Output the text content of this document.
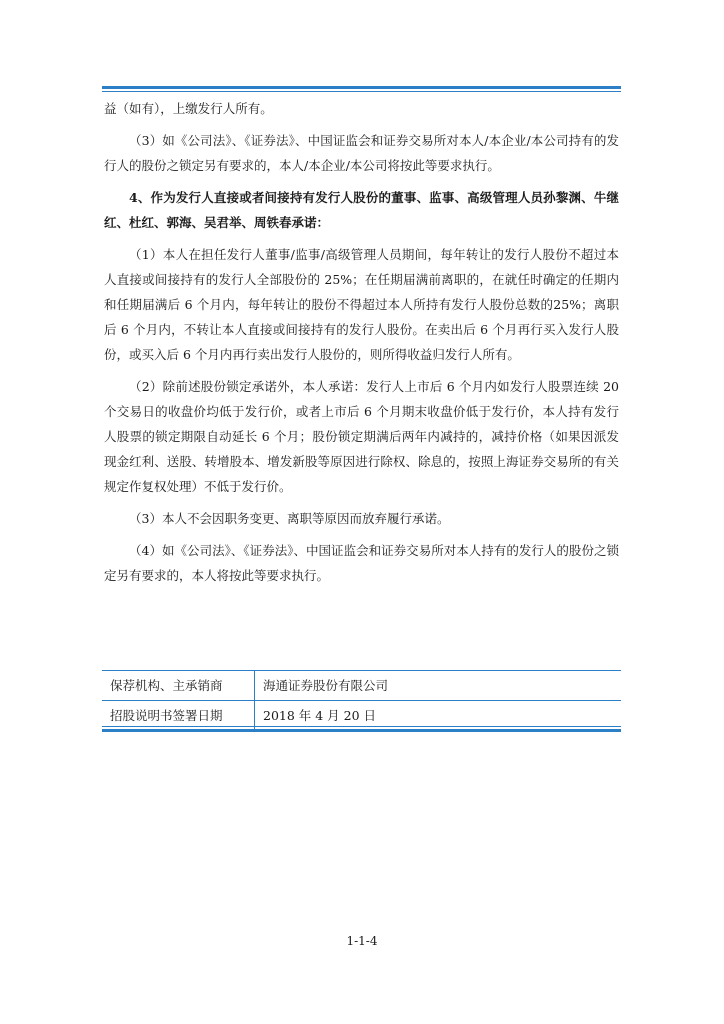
益（如有），上缴发行人所有。

（3）如《公司法》、《证券法》、中国证监会和证券交易所对本人/本企业/本公司持有的发行人的股份之锁定另有要求的，本人/本企业/本公司将按此等要求执行。

4、作为发行人直接或者间接持有发行人股份的董事、监事、高级管理人员孙黎渊、牛继红、杜红、郭海、吴君举、周铁春承诺：

（1）本人在担任发行人董事/监事/高级管理人员期间，每年转让的发行人股份不超过本人直接或间接持有的发行人全部股份的 25%；在任期届满前离职的，在就任时确定的任期内和任期届满后 6 个月内，每年转让的股份不得超过本人所持有发行人股份总数的25%；离职后 6 个月内，不转让本人直接或间接持有的发行人股份。在卖出后 6 个月再行买入发行人股份，或买入后 6 个月内再行卖出发行人股份的，则所得收益归发行人所有。

（2）除前述股份锁定承诺外，本人承诺：发行人上市后 6 个月内如发行人股票连续 20 个交易日的收盘价均低于发行价，或者上市后 6 个月期末收盘价低于发行价，本人持有发行人股票的锁定期限自动延长 6 个月；股份锁定期满后两年内减持的，减持价格（如果因派发现金红利、送股、转增股本、增发新股等原因进行除权、除息的，按照上海证券交易所的有关规定作复权处理）不低于发行价。

（3）本人不会因职务变更、离职等原因而放弃履行承诺。

（4）如《公司法》、《证券法》、中国证监会和证券交易所对本人持有的发行人的股份之锁定另有要求的，本人将按此等要求执行。

保荐机构、主承销商	海通证券股份有限公司
招股说明书签署日期	2018 年 4 月 20 日
1-1-4
